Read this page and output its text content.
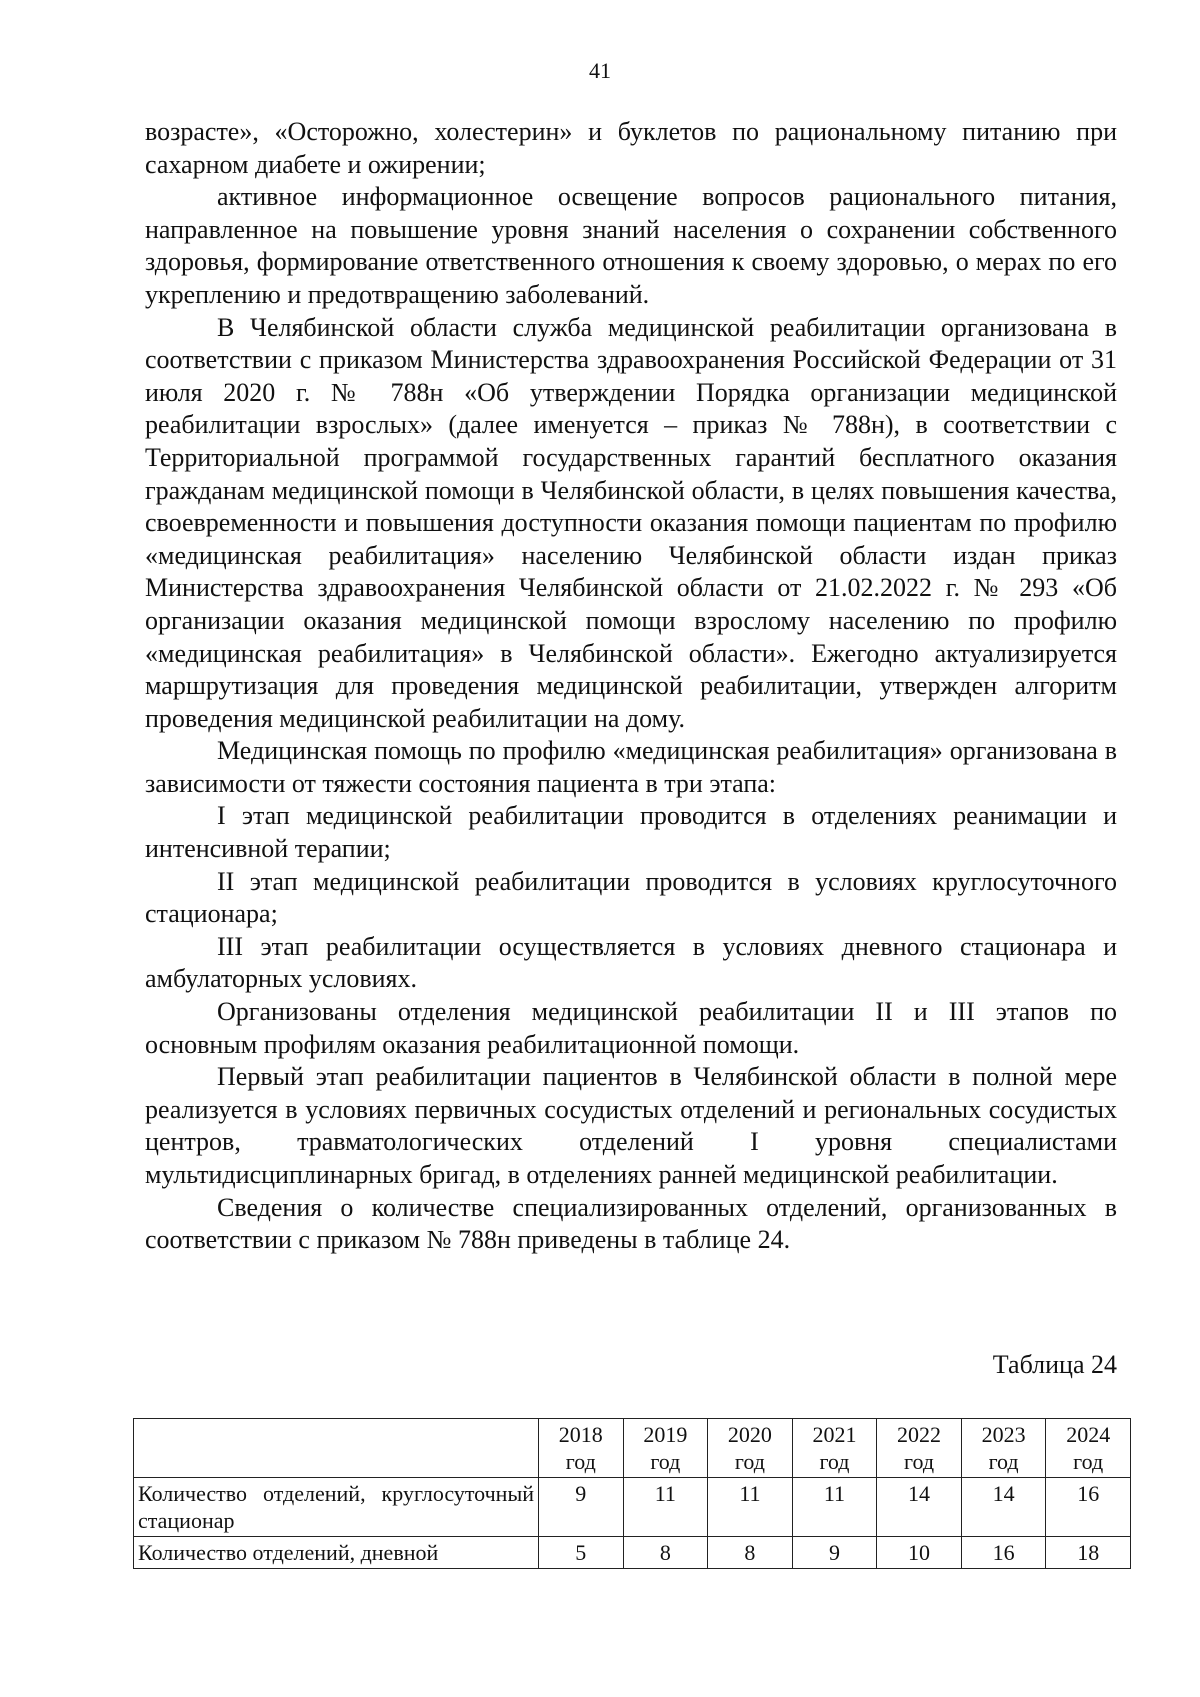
41

возрасте», «Осторожно, холестерин» и буклетов по рациональному питанию при сахарном диабете и ожирении;

активное информационное освещение вопросов рационального питания, направленное на повышение уровня знаний населения о сохранении собственного здоровья, формирование ответственного отношения к своему здоровью, о мерах по его укреплению и предотвращению заболеваний.

В Челябинской области служба медицинской реабилитации организована в соответствии с приказом Министерства здравоохранения Российской Федерации от 31 июля 2020 г. № 788н «Об утверждении Порядка организации медицинской реабилитации взрослых» (далее именуется – приказ № 788н), в соответствии с Территориальной программой государственных гарантий бесплатного оказания гражданам медицинской помощи в Челябинской области, в целях повышения качества, своевременности и повышения доступности оказания помощи пациентам по профилю «медицинская реабилитация» населению Челябинской области издан приказ Министерства здравоохранения Челябинской области от 21.02.2022 г. № 293 «Об организации оказания медицинской помощи взрослому населению по профилю «медицинская реабилитация» в Челябинской области». Ежегодно актуализируется маршрутизация для проведения медицинской реабилитации, утвержден алгоритм проведения медицинской реабилитации на дому.

Медицинская помощь по профилю «медицинская реабилитация» организована в зависимости от тяжести состояния пациента в три этапа:

I этап медицинской реабилитации проводится в отделениях реанимации и интенсивной терапии;

II этап медицинской реабилитации проводится в условиях круглосуточного стационара;

III этап реабилитации осуществляется в условиях дневного стационара и амбулаторных условиях.

Организованы отделения медицинской реабилитации II и III этапов по основным профилям оказания реабилитационной помощи.

Первый этап реабилитации пациентов в Челябинской области в полной мере реализуется в условиях первичных сосудистых отделений и региональных сосудистых центров, травматологических отделений I уровня специалистами мультидисциплинарных бригад, в отделениях ранней медицинской реабилитации.

Сведения о количестве специализированных отделений, организованных в соответствии с приказом № 788н приведены в таблице 24.

Таблица 24
	2018 год	2019 год	2020 год	2021 год	2022 год	2023 год	2024 год
Количество отделений, круглосуточный стационар	9	11	11	11	14	14	16
Количество отделений, дневной	5	8	8	9	10	16	18
